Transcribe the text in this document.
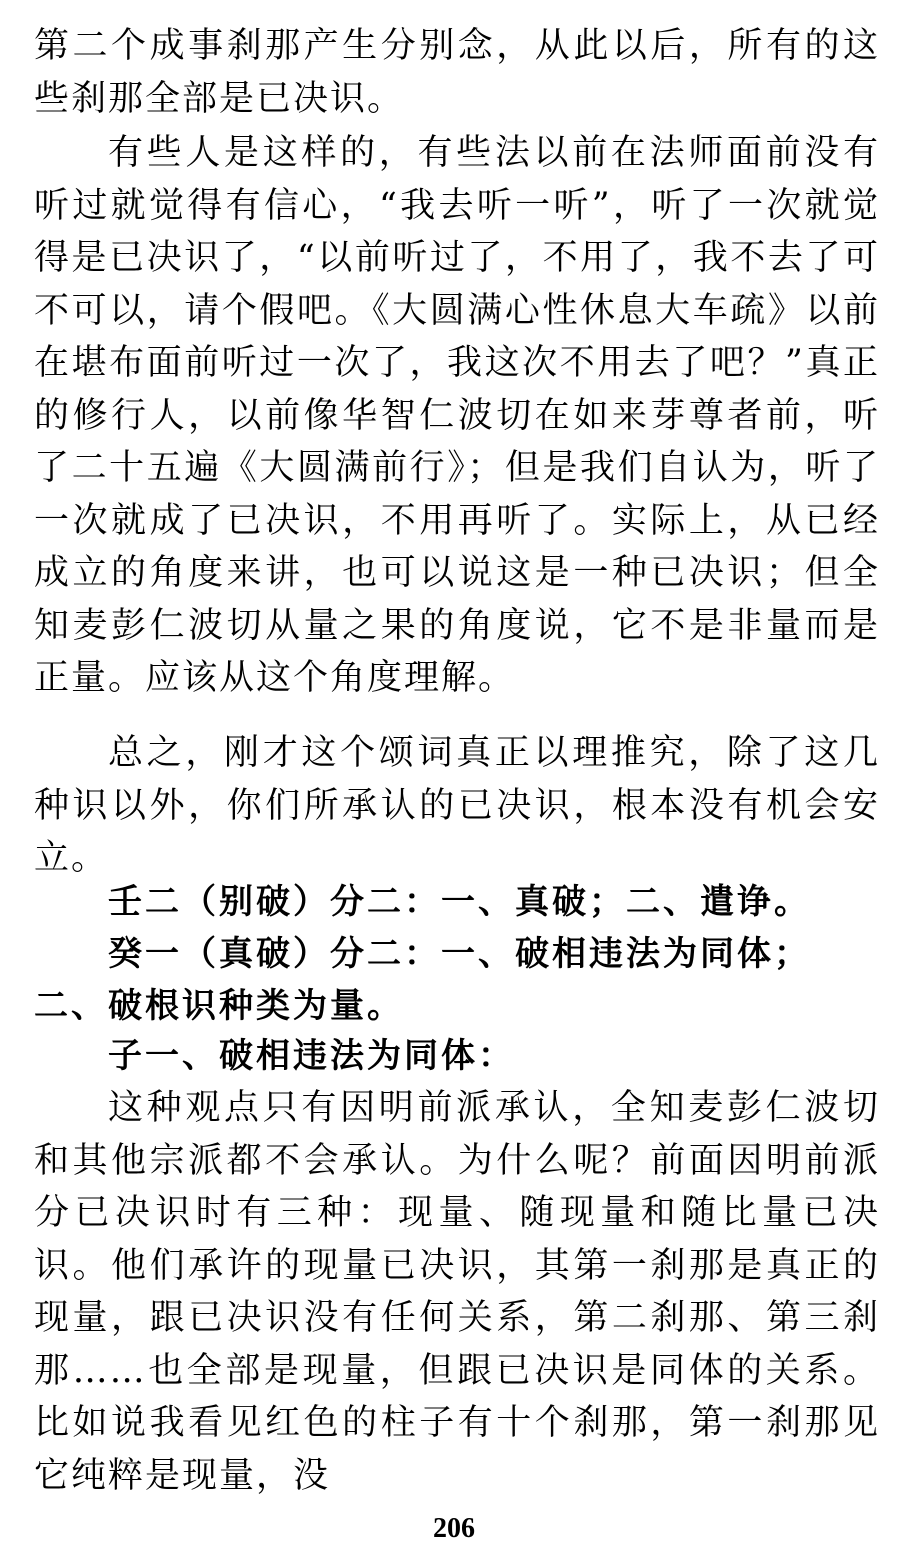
第二个成事刹那产生分别念，从此以后，所有的这些刹那全部是已决识。

有些人是这样的，有些法以前在法师面前没有听过就觉得有信心，“我去听一听”，听了一次就觉得是已决识了，“以前听过了，不用了，我不去了可不可以，请个假吧。《大圆满心性休息大车疏》以前在堪布面前听过一次了，我这次不用去了吧？”真正的修行人，以前像华智仁波切在如来芽尊者前，听了二十五遍《大圆满前行》；但是我们自认为，听了一次就成了已决识，不用再听了。实际上，从已经成立的角度来讲，也可以说这是一种已决识；但全知麦彭仁波切从量之果的角度说，它不是非量而是正量。应该从这个角度理解。

总之，刚才这个颂词真正以理推究，除了这几种识以外，你们所承认的已决识，根本没有机会安立。

壬二（别破）分二：一、真破；二、遣诤。
癸一（真破）分二：一、破相违法为同体；二、破根识种类为量。
子一、破相违法为同体：

这种观点只有因明前派承认，全知麦彭仁波切和其他宗派都不会承认。为什么呢？前面因明前派分已决识时有三种：现量、随现量和随比量已决识。他们承许的现量已决识，其第一刹那是真正的现量，跟已决识没有任何关系，第二刹那、第三刹那……也全部是现量，但跟已决识是同体的关系。比如说我看见红色的柱子有十个刹那，第一刹那见它纯粹是现量，没

206
